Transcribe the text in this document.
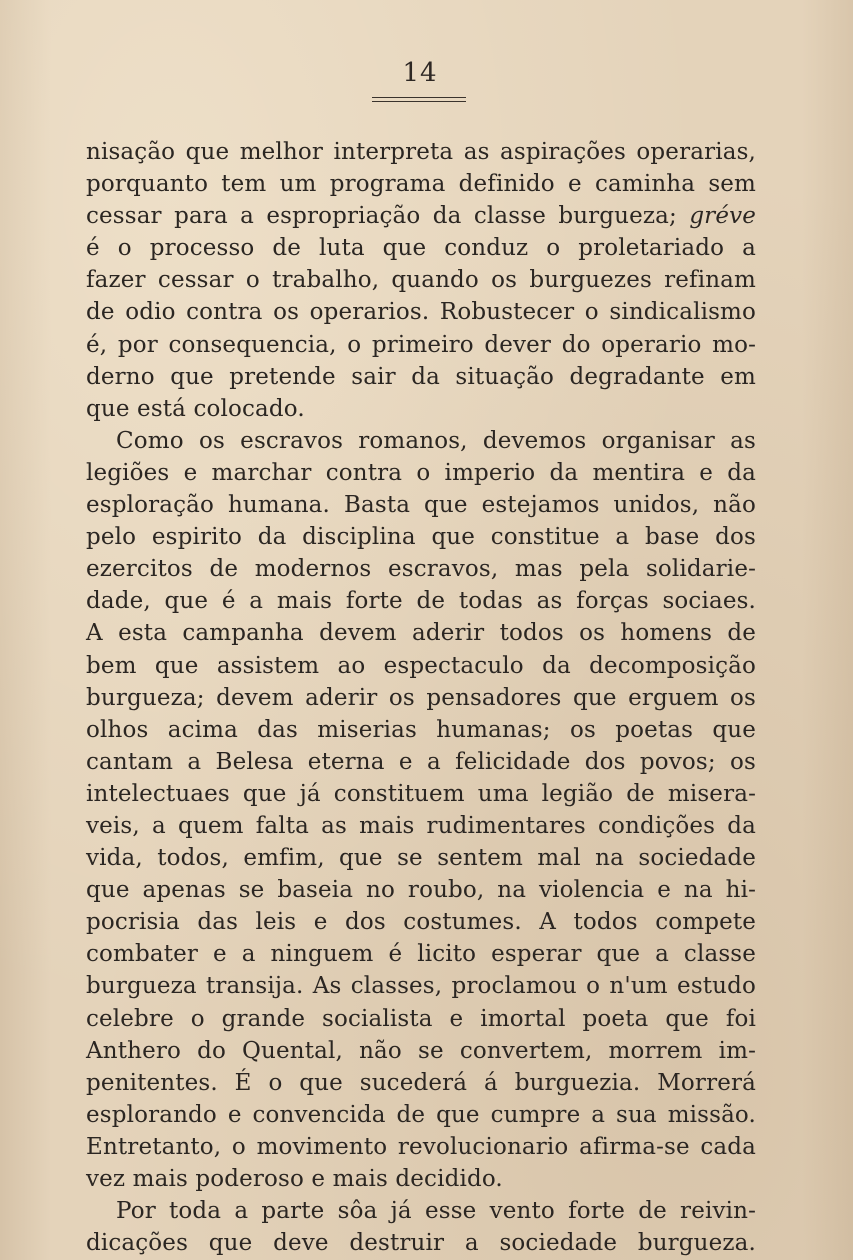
14
nisação que melhor interpreta as aspirações operarias,
porquanto tem um programa definido e caminha sem
cessar para a espropriação da classe burgueza; gréve
é o processo de luta que conduz o proletariado a
fazer cessar o trabalho, quando os burguezes refinam
de odio contra os operarios. Robustecer o sindicalismo
é, por consequencia, o primeiro dever do operario mo-
derno que pretende sair da situação degradante em
que está colocado.
Como os escravos romanos, devemos organisar as
legiões e marchar contra o imperio da mentira e da
esploração humana. Basta que estejamos unidos, não
pelo espirito da disciplina que constitue a base dos
ezercitos de modernos escravos, mas pela solidarie-
dade, que é a mais forte de todas as forças sociaes.
A esta campanha devem aderir todos os homens de
bem que assistem ao espectaculo da decomposição
burgueza; devem aderir os pensadores que erguem os
olhos acima das miserias humanas; os poetas que
cantam a Belesa eterna e a felicidade dos povos; os
intelectuaes que já constituem uma legião de misera-
veis, a quem falta as mais rudimentares condições da
vida, todos, emfim, que se sentem mal na sociedade
que apenas se baseia no roubo, na violencia e na hi-
pocrisia das leis e dos costumes. A todos compete
combater e a ninguem é licito esperar que a classe
burgueza transija. As classes, proclamou o n'um estudo
celebre o grande socialista e imortal poeta que foi
Anthero do Quental, não se convertem, morrem im-
penitentes. É o que sucederá á burguezia. Morrerá
esplorando e convencida de que cumpre a sua missão.
Entretanto, o movimento revolucionario afirma-se cada
vez mais poderoso e mais decidido.
Por toda a parte sôa já esse vento forte de reivin-
dicações que deve destruir a sociedade burgueza.
